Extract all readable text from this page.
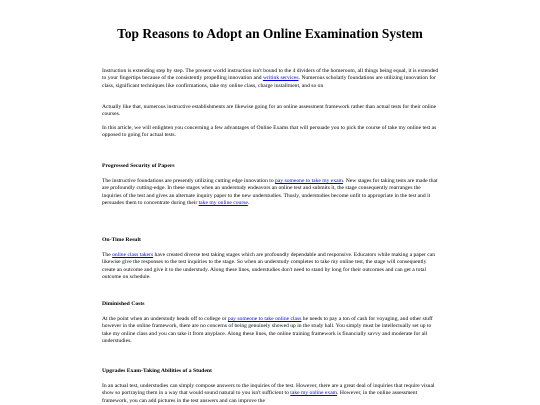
Top Reasons to Adopt an Online Examination System

Instruction is extending step by step. The present world instruction isn't bound to the 4 dividers of the homeroom, all things being equal, it is extended to your fingertips because of the consistently propelling innovation and writink services. Numerous scholarly foundations are utilizing innovation for class, significant techniques like confirmations, take my online class, charge installment, and so on

Actually like that, numerous instructive establishments are likewise going for an online assessment framework rather than actual tests for their online courses.

In this article, we will enlighten you concerning a few advantages of Online Exams that will persuade you to pick the course of take my online test as opposed to going for actual tests.

Progressed Security of Papers

The instructive foundations are presently utilizing cutting edge innovation to pay someone to take my exam. New stages for taking tests are made that are profoundly cutting-edge. In these stages when an understudy endeavors an online test and submits it, the stage consequently rearranges the inquiries of the test and gives an alternate inquiry paper to the new understudies. Thusly, understudies become unfit to appropriate in the test and it persuades them to concentrate during their take my online course.

On-Time Result

The online class takers have created diverse test taking stages which are profoundly dependable and responsive. Educators while making a paper can likewise give the responses to the test inquiries to the stage. So when an understudy completes to take my online test, the stage will consequently create an outcome and give it to the understudy. Along these lines, understudies don't need to stand by long for their outcomes and can get a total outcome on schedule.

Diminished Costs

At the point when an understudy heads off to college or pay someone to take online class he needs to pay a ton of cash for voyaging, and other stuff however in the online framework, there are no concerns of being genuinely showed up in the study hall. You simply must be intellectually set up to take my online class and you can take it from anyplace. Along these lines, the online training framework is financially savvy and moderate for all understudies.

Upgrades Exam-Taking Abilities of a Student

In an actual test, understudies can simply compose answers to the inquiries of the test. However, there are a great deal of inquiries that require visual show so portraying them in a way that would sound natural to you isn't sufficient to take my online exam. However, in the online assessment framework, you can add pictures in the test answers and can improve the
